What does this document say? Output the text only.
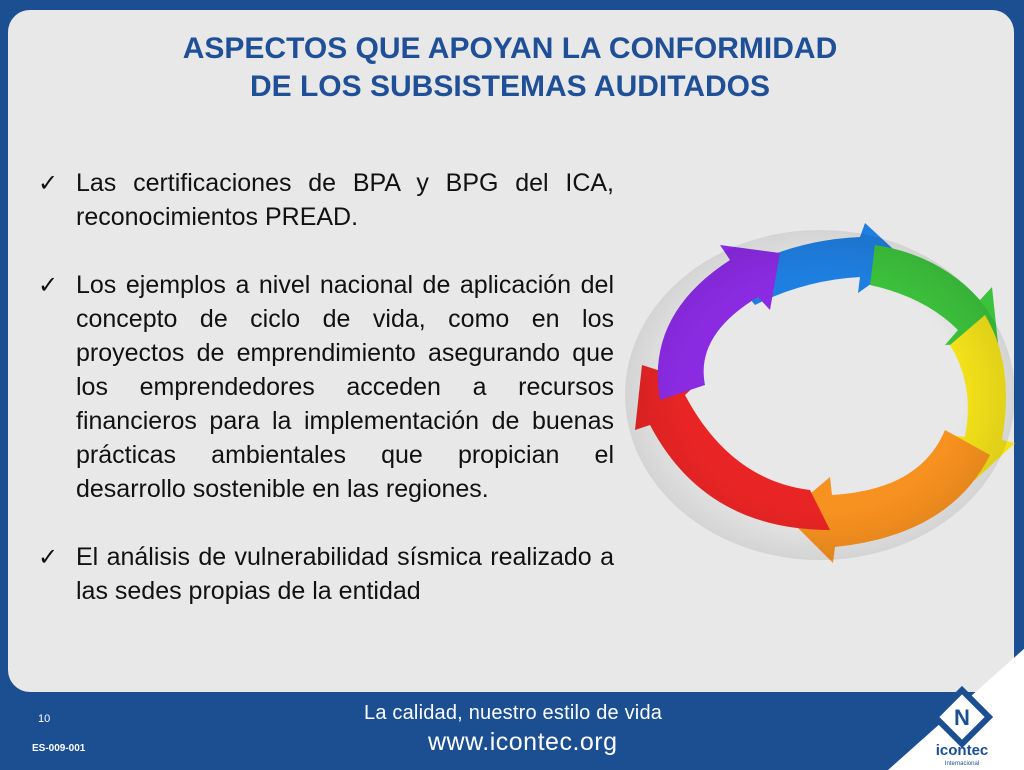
ASPECTOS QUE APOYAN LA CONFORMIDAD
DE LOS SUBSISTEMAS AUDITADOS
✓ Las certificaciones de BPA y BPG del ICA, reconocimientos PREAD.
✓ Los ejemplos a nivel nacional de aplicación del concepto de ciclo de vida, como en los proyectos de emprendimiento asegurando que los emprendedores acceden a recursos financieros para la implementación de buenas prácticas ambientales que propician el desarrollo sostenible en las regiones.
✓ El análisis de vulnerabilidad sísmica realizado a las sedes propias de la entidad
10
ES-009-001
La calidad, nuestro estilo de vida
www.icontec.org
N
icontec
Internacional
